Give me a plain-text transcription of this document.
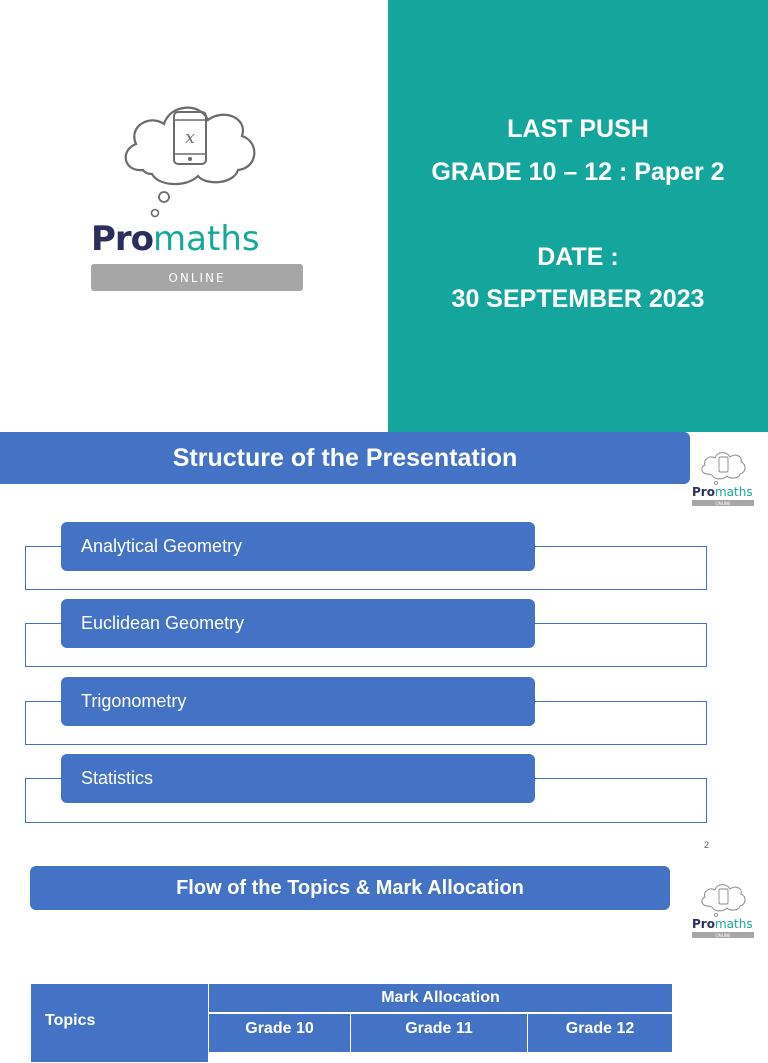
x
Promaths
ONLINE
LAST PUSH
GRADE 10 – 12 : Paper 2
DATE :
30 SEPTEMBER 2023
Structure of the Presentation
Promaths
ONLINE
Analytical Geometry
Euclidean Geometry
Trigonometry
Statistics
2
Flow of the Topics & Mark Allocation
Promaths
ONLINE
Topics
Mark Allocation
Grade 10	Grade 11	Grade 12
